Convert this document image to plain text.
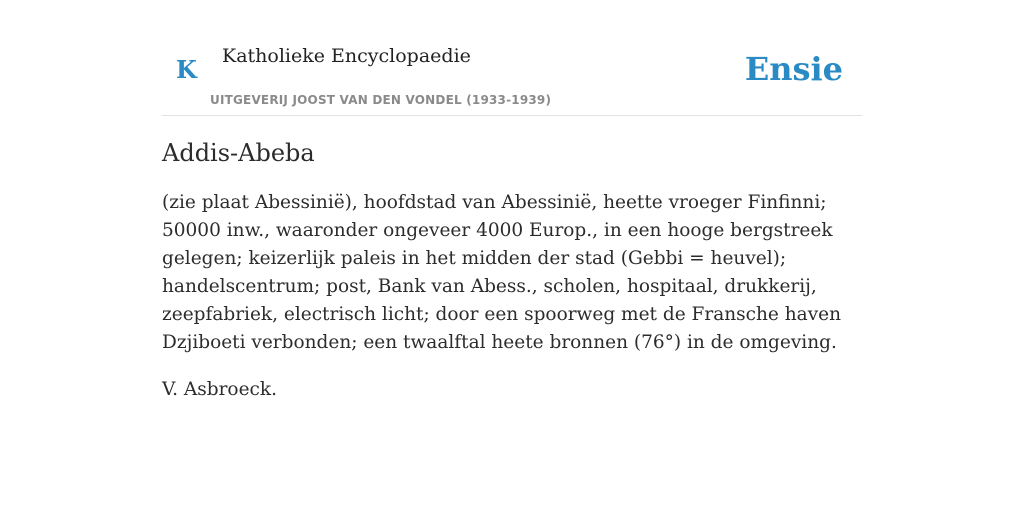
K Katholieke Encyclopaedie
UITGEVERIJ JOOST VAN DEN VONDEL (1933-1939)
Ensie
Addis-Abeba

(zie plaat Abessinië), hoofdstad van Abessinië, heette vroeger Finfinni; 50000 inw., waaronder ongeveer 4000 Europ., in een hooge bergstreek gelegen; keizerlijk paleis in het midden der stad (Gebbi = heuvel); handelscentrum; post, Bank van Abess., scholen, hospitaal, drukkerij, zeepfabriek, electrisch licht; door een spoorweg met de Fransche haven Dzjiboeti verbonden; een twaalftal heete bronnen (76°) in de omgeving.

V. Asbroeck.
